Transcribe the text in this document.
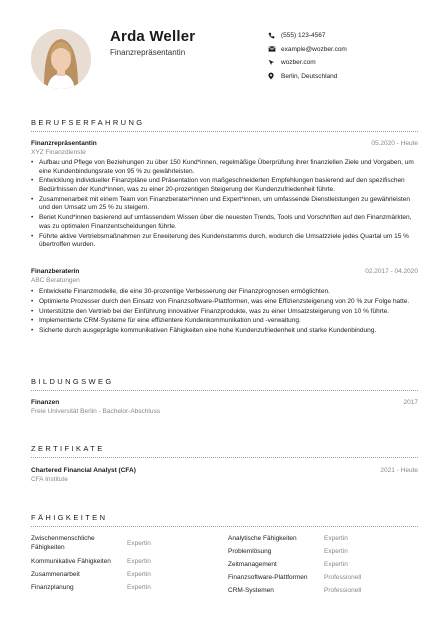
Arda Weller
Finanzrepräsentantin
(555) 123-4567
example@wozber.com
wozber.com
Berlin, Deutschland
BERUFSERFAHRUNG
Finanzrepräsentantin	05.2020 - Heute
XYZ Finanzdienste
• Aufbau und Pflege von Beziehungen zu über 150 Kund*innen, regelmäßige Überprüfung ihrer finanziellen Ziele und Vorgaben, um eine Kundenbindungsrate von 95 % zu gewährleisten.
• Entwicklung individueller Finanzpläne und Präsentation von maßgeschneiderten Empfehlungen basierend auf den spezifischen Bedürfnissen der Kund*innen, was zu einer 20-prozentigen Steigerung der Kundenzufriedenheit führte.
• Zusammenarbeit mit einem Team von Finanzberater*innen und Expert*innen, um umfassende Dienstleistungen zu gewährleisten und den Umsatz um 25 % zu steigern.
• Beriet Kund*innen basierend auf umfassendem Wissen über die neuesten Trends, Tools und Vorschriften auf den Finanzmärkten, was zu optimalen Finanzentscheidungen führte.
• Führte aktive Vertriebsmaßnahmen zur Erweiterung des Kundenstamms durch, wodurch die Umsatzziele jedes Quartal um 15 % übertroffen wurden.
Finanzberaterin	02.2017 - 04.2020
ABC Beratungen
• Entwickelte Finanzmodelle, die eine 30-prozentige Verbesserung der Finanzprognosen ermöglichten.
• Optimierte Prozesser durch den Einsatz von Finanzsoftware-Plattformen, was eine Effizienzsteigerung von 20 % zur Folge hatte.
• Unterstützte den Vertrieb bei der Einführung innovativer Finanzprodukte, was zu einer Umsatzsteigerung von 10 % führte.
• Implementierte CRM-Systeme für eine effizientere Kundenkommunikation und -verwaltung.
• Sicherte durch ausgeprägte kommunikativen Fähigkeiten eine hohe Kundenzufriedenheit und starke Kundenbindung.
BILDUNGSWEG
Finanzen	2017
Freie Universität Berlin - Bachelor-Abschluss
ZERTIFIKATE
Chartered Financial Analyst (CFA)	2021 - Heute
CFA Institute
FÄHIGKEITEN
Zwischenmenschliche Fähigkeiten	Expertin
Kommunikative Fähigkeiten	Expertin
Zusammenarbeit	Expertin
Finanzplanung	Expertin
Analytische Fähigkeiten	Expertin
Problemlösung	Expertin
Zeitmanagement	Expertin
Finanzsoftware-Plattformen	Professionell
CRM-Systemen	Professionell
